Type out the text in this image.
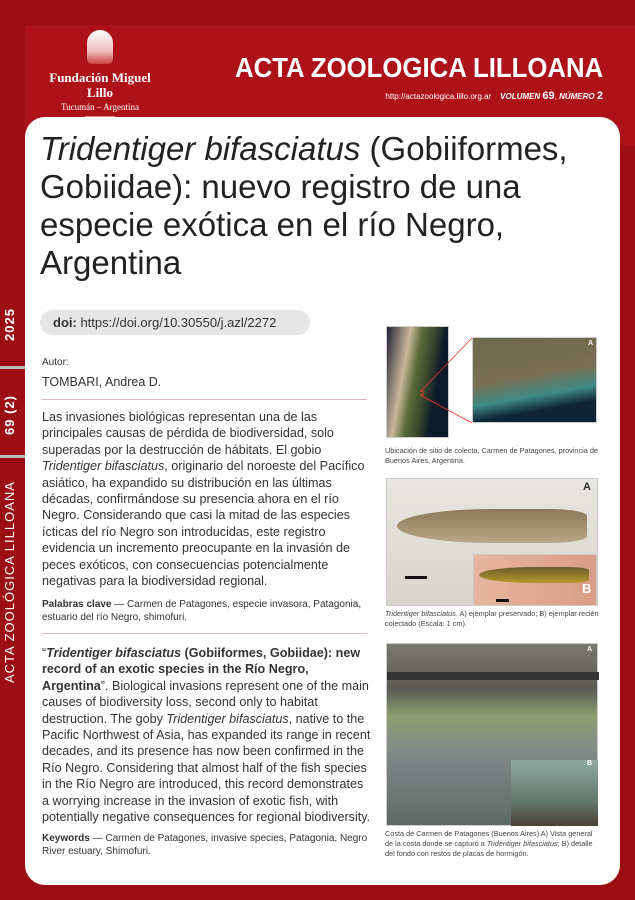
ACTA ZOOLOGICA LILLOANA
http://actazoologica.lillo.org.ar VOLUMEN 69, NÚMERO 2
2025
69 (2)
ACTA ZOOLÓGICA LILLOANA
Fundación Miguel Lillo
Tucumán – Argentina
Tridentiger bifasciatus (Gobiiformes, Gobiidae): nuevo registro de una especie exótica en el río Negro, Argentina
doi: https://doi.org/10.30550/j.azl/2272
Autor:
TOMBARI, Andrea D.
Las invasiones biológicas representan una de las principales causas de pérdida de biodiversidad, solo superadas por la destrucción de hábitats. El gobio Tridentiger bifasciatus, originario del noroeste del Pacífico asiático, ha expandido su distribución en las últimas décadas, confirmándose su presencia ahora en el río Negro. Considerando que casi la mitad de las especies ícticas del río Negro son introducidas, este registro evidencia un incremento preocupante en la invasión de peces exóticos, con consecuencias potencialmente negativas para la biodiversidad regional.
Palabras clave — Carmen de Patagones, especie invasora, Patagonia, estuario del río Negro, shimofuri.
“Tridentiger bifasciatus (Gobiiformes, Gobiidae): new record of an exotic species in the Río Negro, Argentina”. Biological invasions represent one of the main causes of biodiversity loss, second only to habitat destruction. The goby Tridentiger bifasciatus, native to the Pacific Northwest of Asia, has expanded its range in recent decades, and its presence has now been confirmed in the Río Negro. Considering that almost half of the fish species in the Río Negro are introduced, this record demonstrates a worrying increase in the invasion of exotic fish, with potentially negative consequences for regional biodiversity.
Keywords — Carmen de Patagones, invasive species, Patagonia, Negro River estuary, Shimofuri.
A
Ubicación de sitio de colecta, Carmen de Patagones, provincia de Buenos Aires, Argentina.
A
B
Tridentiger bifasciatus. A) ejemplar preservado; B) ejemplar recién colectado (Escala: 1 cm).
A
B
Costa de Carmen de Patagones (Buenos Aires) A) Vista general de la costa donde se capturó a Tridentiger bifasciatus; B) detalle del fondo con restos de placas de hormigón.
